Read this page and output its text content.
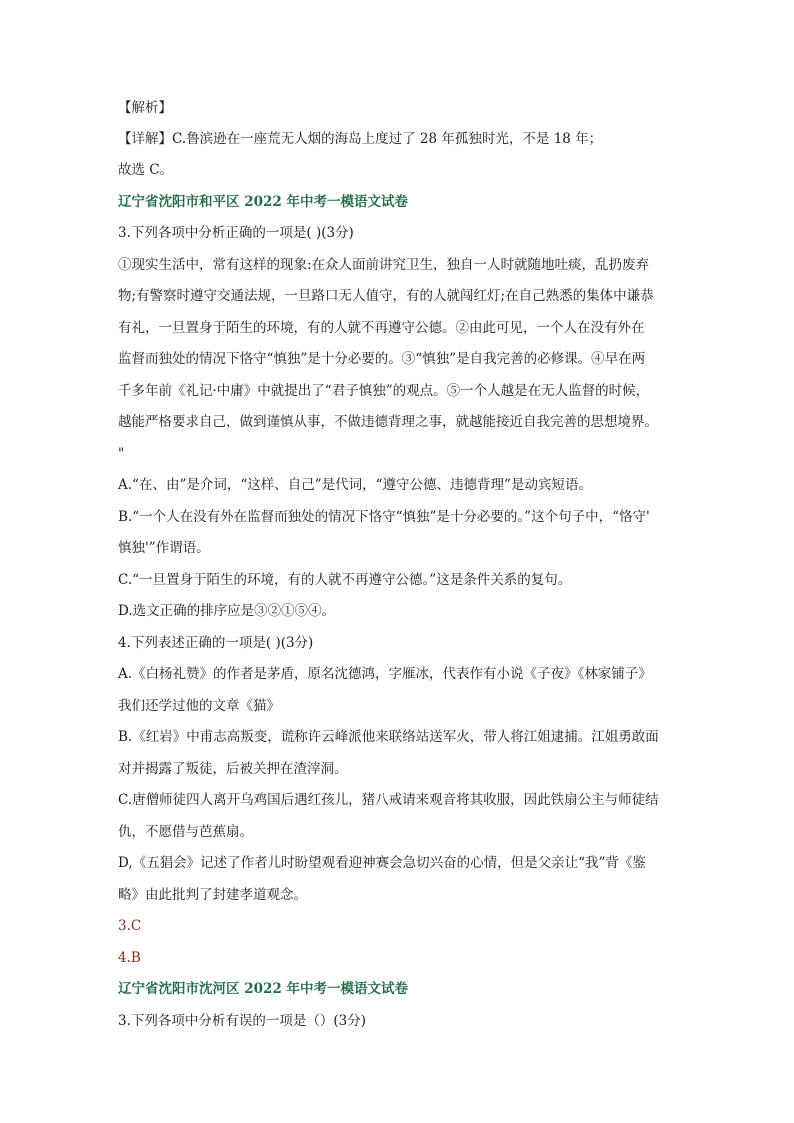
【解析】
【详解】C.鲁滨逊在一座荒无人烟的海岛上度过了 28 年孤独时光，不是 18 年；
故选 C。
辽宁省沈阳市和平区 2022 年中考一模语文试卷
3.下列各项中分析正确的一项是( )(3分)
①现实生活中，常有这样的现象:在众人面前讲究卫生，独自一人时就随地吐痰，乱扔废弃
物;有警察时遵守交通法规，一旦路口无人值守，有的人就闯红灯;在自己熟悉的集体中谦恭
有礼，一旦置身于陌生的环境，有的人就不再遵守公德。②由此可见，一个人在没有外在
监督而独处的情况下恪守“慎独”是十分必要的。③“慎独”是自我完善的必修课。④早在两
千多年前《礼记·中庸》中就提出了“君子慎独”的观点。⑤一个人越是在无人监督的时候，
越能严格要求自己，做到谨慎从事，不做违德背理之事，就越能接近自我完善的思想境界。
"
A.“在、由”是介词，“这样、自己”是代词，“遵守公德、违德背理”是动宾短语。
B.“一个人在没有外在监督而独处的情况下恪守“慎独”是十分必要的。”这个句子中，“恪守'
慎独'”作谓语。
C.“一旦置身于陌生的环境，有的人就不再遵守公德。”这是条件关系的复句。
D.选文正确的排序应是③②①⑤④。
4.下列表述正确的一项是( )(3分)
A.《白杨礼赞》的作者是茅盾，原名沈德鸿，字雁冰，代表作有小说《子夜》《林家铺子》
我们还学过他的文章《猫》
B.《红岩》中甫志高叛变，谎称许云峰派他来联络站送军火，带人将江姐逮捕。江姐勇敢面
对并揭露了叛徒，后被关押在渣滓洞。
C.唐僧师徒四人离开乌鸡国后遇红孩儿，猪八戒请来观音将其收服，因此铁扇公主与师徒结
仇，不愿借与芭蕉扇。
D,《五猖会》记述了作者儿时盼望观看迎神赛会急切兴奋的心情，但是父亲让“我”背《鉴
略》由此批判了封建孝道观念。
3.C
4.B
辽宁省沈阳市沈河区 2022 年中考一模语文试卷
3.下列各项中分析有误的一项是（）(3分)
